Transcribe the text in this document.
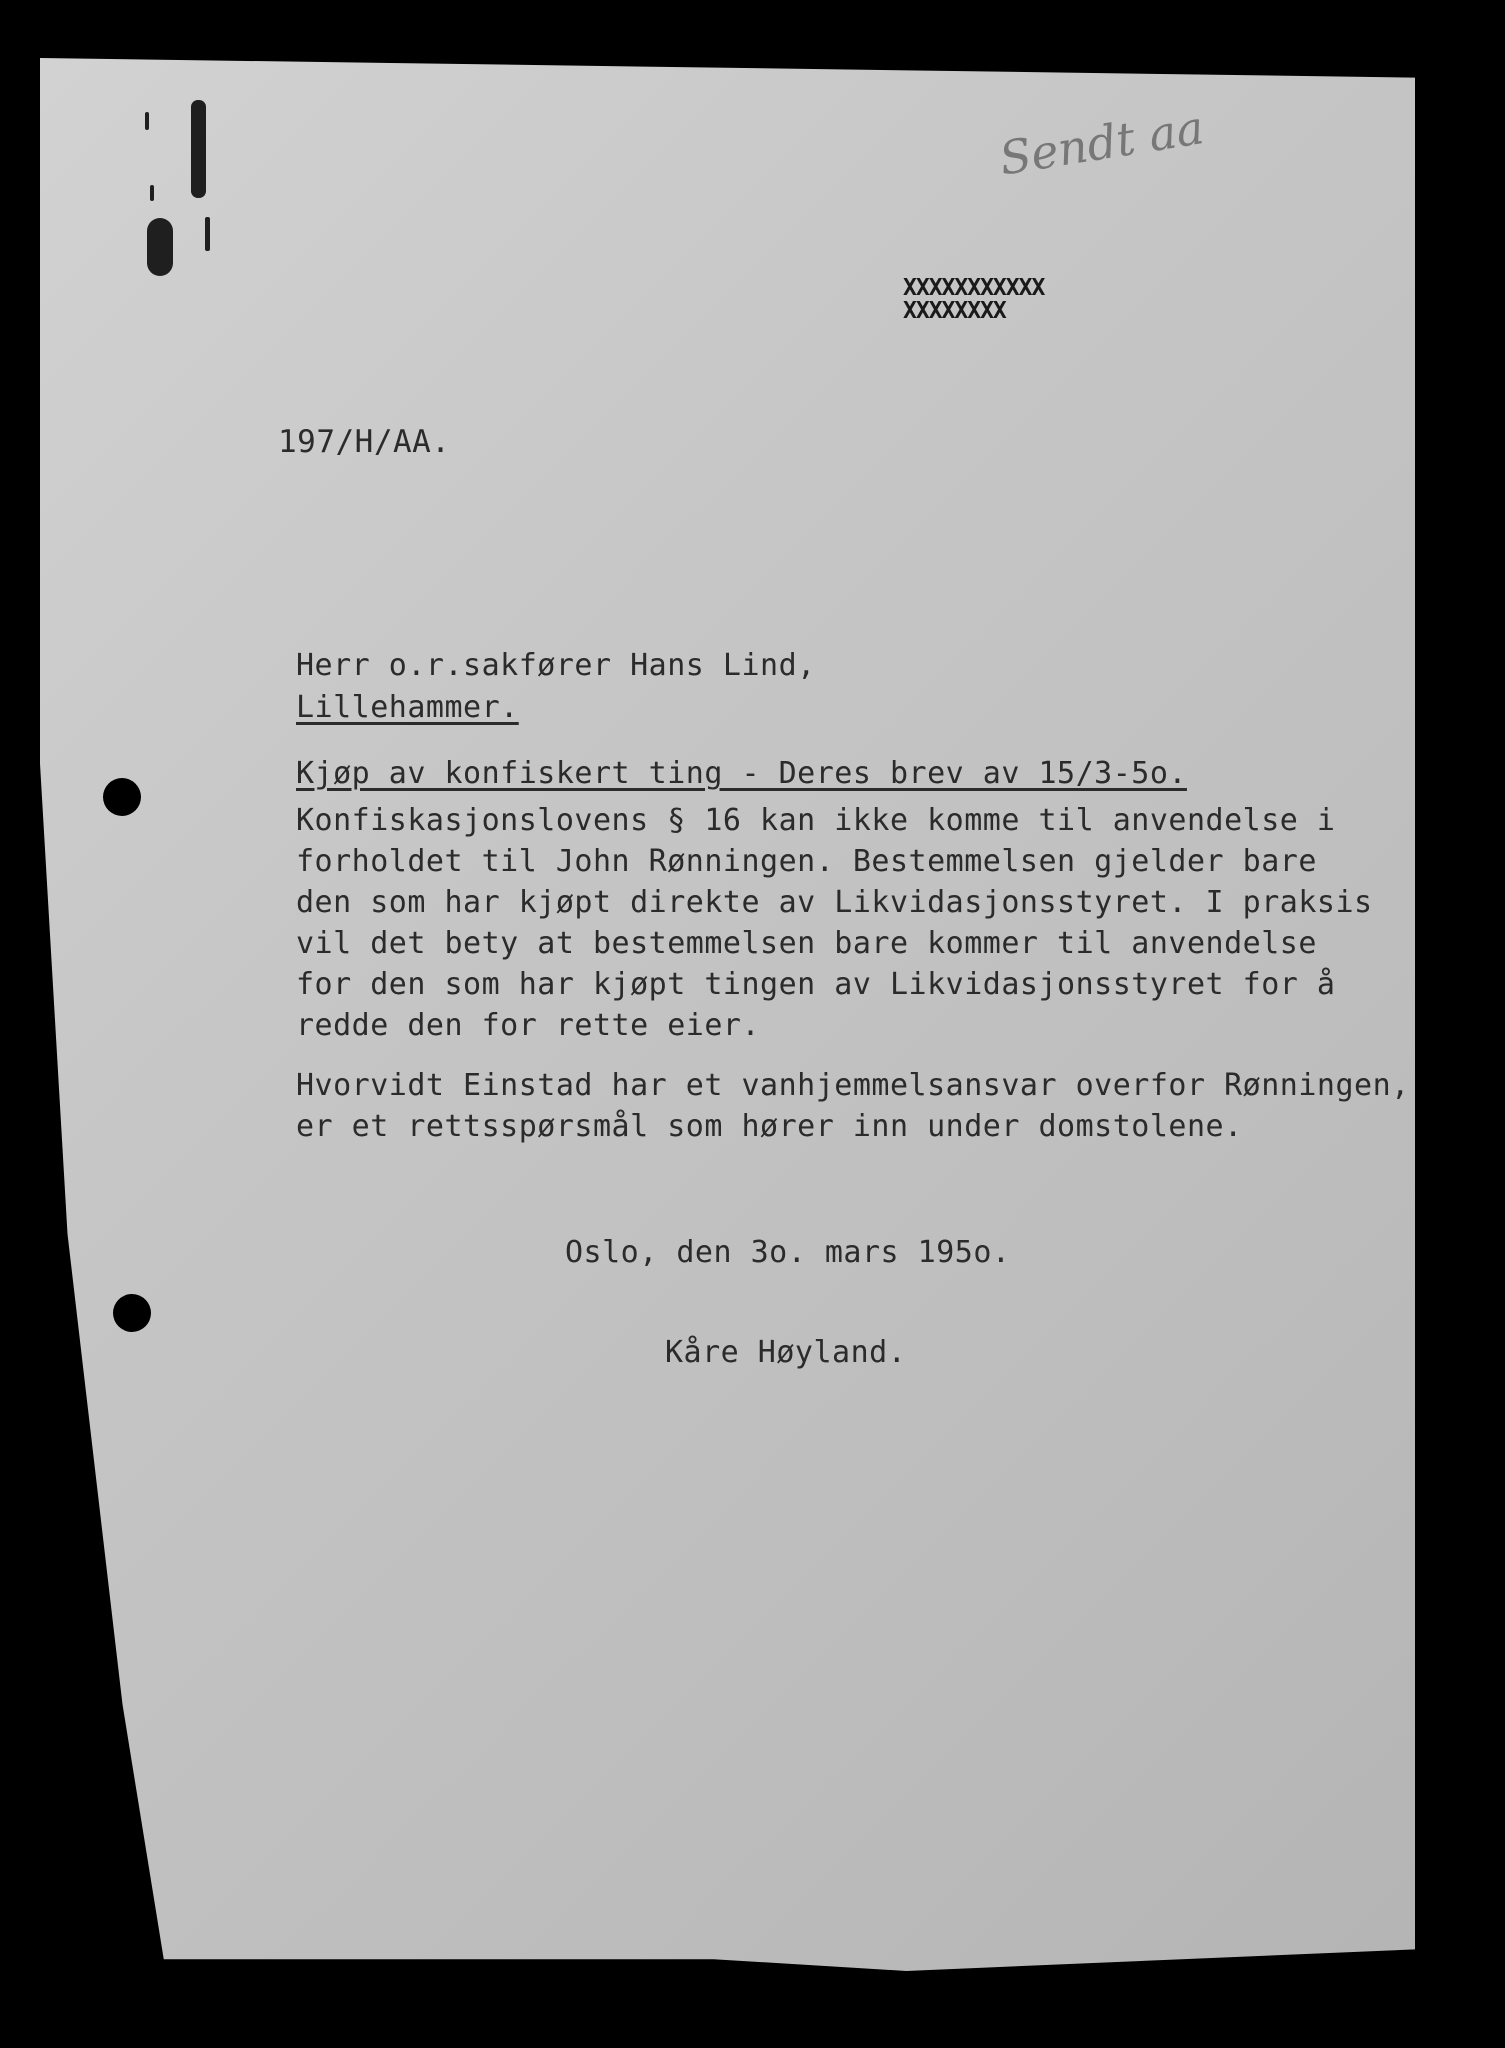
Sendt aa

XXXXXXXXXXX
XXXXXXXX

197/H/AA.

Herr o.r.sakfører Hans Lind,
Lillehammer.

Kjøp av konfiskert ting - Deres brev av 15/3-5o.

Konfiskasjonslovens § 16 kan ikke komme til anvendelse i
forholdet til John Rønningen. Bestemmelsen gjelder bare
den som har kjøpt direkte av Likvidasjonsstyret. I praksis
vil det bety at bestemmelsen bare kommer til anvendelse
for den som har kjøpt tingen av Likvidasjonsstyret for å
redde den for rette eier.

Hvorvidt Einstad har et vanhjemmelsansvar overfor Rønningen,
er et rettsspørsmål som hører inn under domstolene.

Oslo, den 3o. mars 195o.

Kåre Høyland.
